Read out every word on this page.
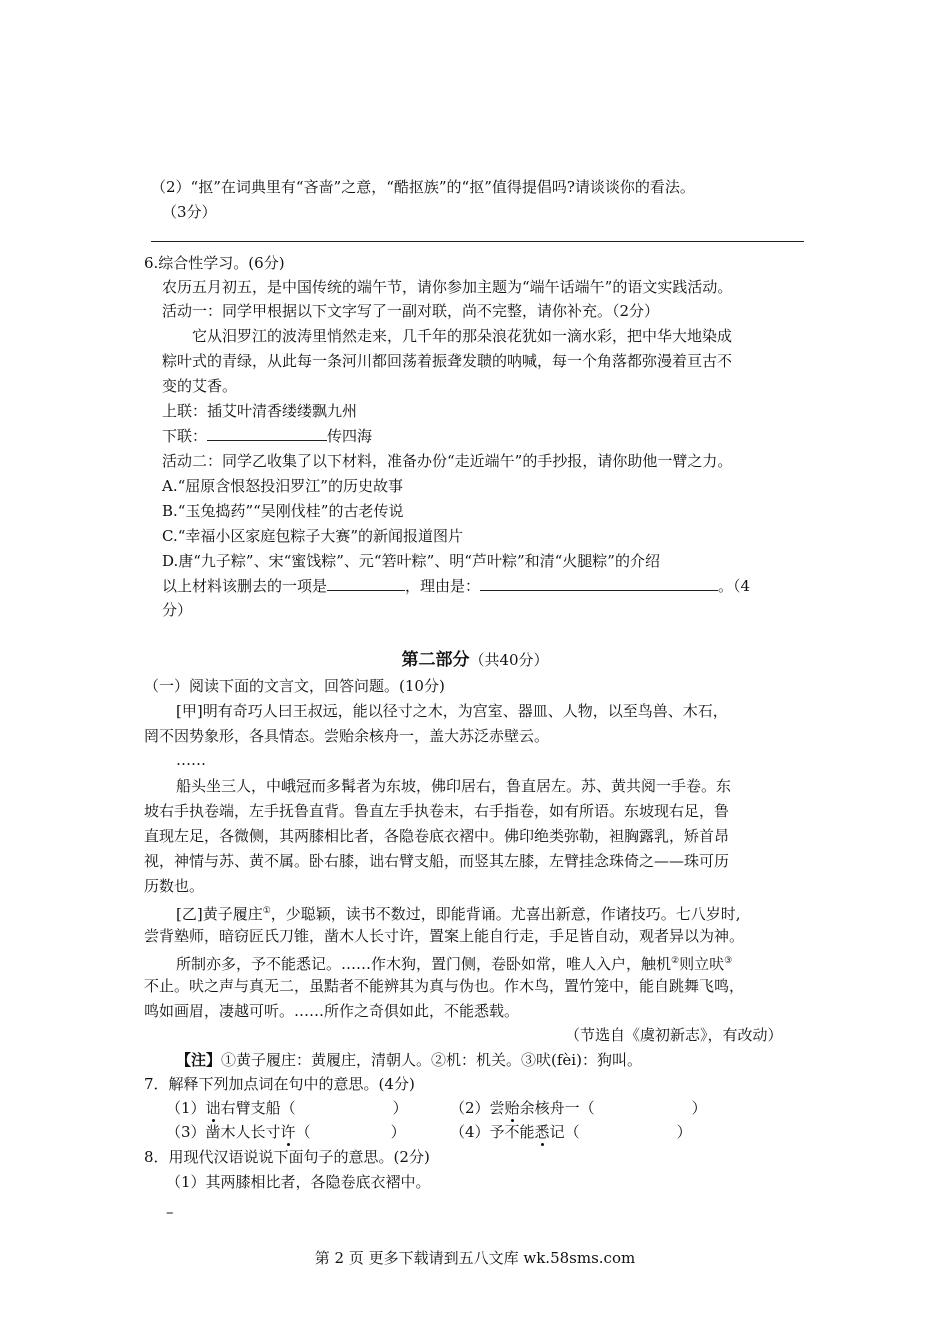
（2）“抠”在词典里有“吝啬”之意，“酷抠族”的“抠”值得提倡吗?请谈谈你的看法。
（3分）
6.综合性学习。(6分)
农历五月初五，是中国传统的端午节，请你参加主题为“端午话端午”的语文实践活动。
活动一：同学甲根据以下文字写了一副对联，尚不完整，请你补充。（2分）
它从汨罗江的波涛里悄然走来，几千年的那朵浪花犹如一滴水彩，把中华大地染成
粽叶式的青绿，从此每一条河川都回荡着振聋发聩的呐喊，每一个角落都弥漫着亘古不
变的艾香。
上联：插艾叶清香缕缕飘九州
下联：	传四海
活动二：同学乙收集了以下材料，准备办份“走近端午”的手抄报，请你助他一臂之力。
A.“屈原含恨怒投汨罗江”的历史故事
B.“玉兔捣药”“吴刚伐桂”的古老传说
C.“幸福小区家庭包粽子大赛”的新闻报道图片
D.唐“九子粽”、宋“蜜饯粽”、元“箬叶粽”、明“芦叶粽”和清“火腿粽”的介绍
以上材料该删去的一项是	，理由是：	。（4
分）
第二部分（共40分）
（一）阅读下面的文言文，回答问题。(10分)
[甲]明有奇巧人曰王叔远，能以径寸之木，为宫室、器皿、人物，以至鸟兽、木石，
罔不因势象形，各具情态。尝贻余核舟一，盖大苏泛赤壁云。
……
船头坐三人，中峨冠而多髯者为东坡，佛印居右，鲁直居左。苏、黄共阅一手卷。东
坡右手执卷端，左手抚鲁直背。鲁直左手执卷末，右手指卷，如有所语。东坡现右足，鲁
直现左足，各微侧，其两膝相比者，各隐卷底衣褶中。佛印绝类弥勒，袒胸露乳，矫首昂
视，神情与苏、黄不属。卧右膝，诎右臂支船，而竖其左膝，左臂挂念珠倚之——珠可历
历数也。
[乙]黄子履庄①，少聪颖，读书不数过，即能背诵。尤喜出新意，作诸技巧。七八岁时,
尝背塾师，暗窃匠氏刀锥，凿木人长寸许，置案上能自行走，手足皆自动，观者异以为神。
所制亦多，予不能悉记。……作木狗，置门侧，卷卧如常，唯人入户，触机②则立吠③
不止。吠之声与真无二，虽黠者不能辨其为真与伪也。作木鸟，置竹笼中，能自跳舞飞鸣，
鸣如画眉，凄越可听。……所作之奇俱如此，不能悉载。
（节选自《虞初新志》，有改动）
【注】①黄子履庄：黄履庄，清朝人。②机：机关。③吠(fèi)：狗叫。
7．解释下列加点词在句中的意思。(4分)
（1）诎右臂支船（	）	（2）尝贻余核舟一（	）
（3）凿木人长寸许（	）	（4）予不能悉记（	）
8．用现代汉语说说下面句子的意思。(2分)
（1）其两膝相比者，各隐卷底衣褶中。
–
第 2 页 更多下载请到五八文库 wk.58sms.com
